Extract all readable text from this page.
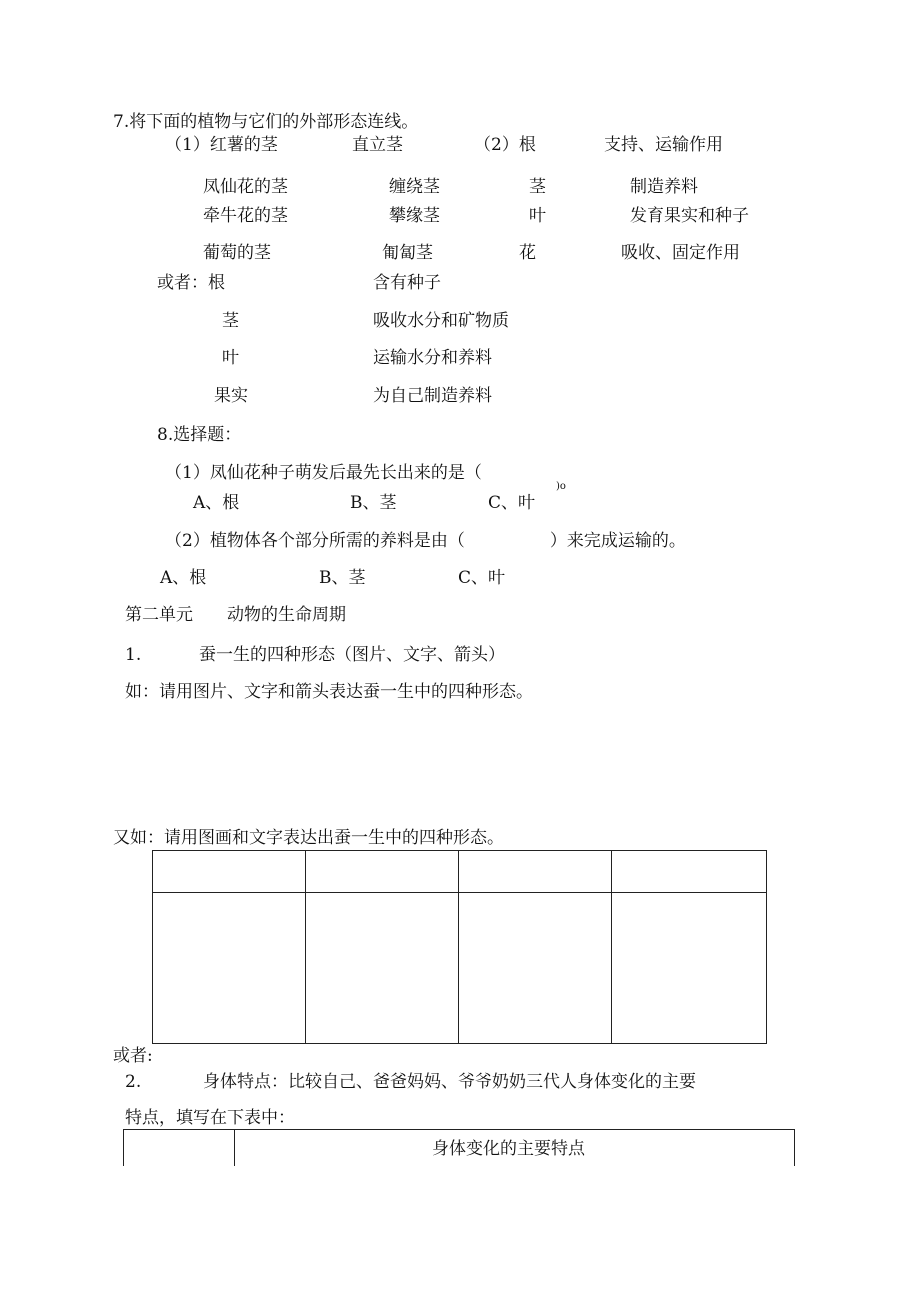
7.将下面的植物与它们的外部形态连线。
（1）红薯的茎	直立茎	（2）根	支持、运输作用
凤仙花的茎	缠绕茎	茎	制造养料
牵牛花的茎	攀缘茎	叶	发育果实和种子
葡萄的茎	匍匐茎	花	吸收、固定作用
或者：根	含有种子
茎	吸收水分和矿物质
叶	运输水分和养料
果实	为自己制造养料
8.选择题：
（1）凤仙花种子萌发后最先长出来的是（
)o
A、根	B、茎	C、叶
（2）植物体各个部分所需的养料是由（　　　　　）来完成运输的。
A、根	B、茎	C、叶
第二单元　　动物的生命周期
1.	蚕一生的四种形态（图片、文字、箭头）
如：请用图片、文字和箭头表达蚕一生中的四种形态。
又如：请用图画和文字表达出蚕一生中的四种形态。
或者:
2.	身体特点：比较自己、爸爸妈妈、爷爷奶奶三代人身体变化的主要
特点，填写在下表中：
身体变化的主要特点
